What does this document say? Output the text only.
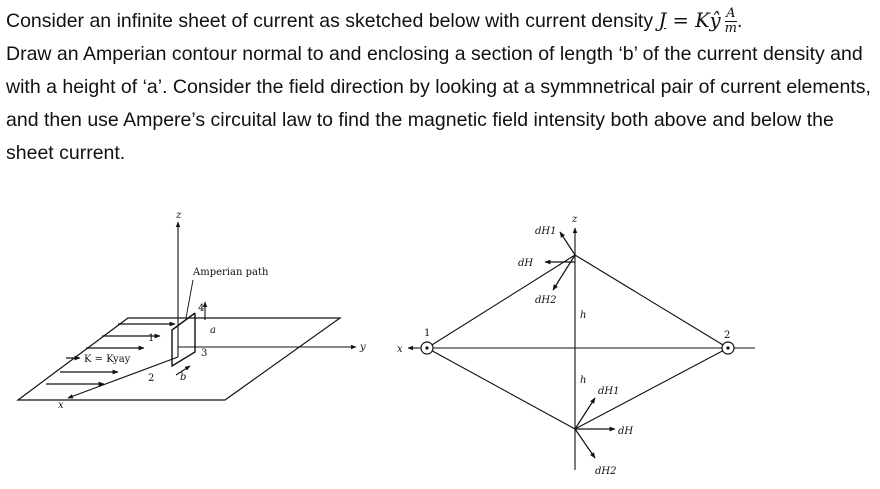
Consider an infinite sheet of current as sketched below with current density J = Kŷ $\frac{A}{m}$ .

Draw an Amperian contour normal to and enclosing a section of length ‘b’ of the current density and with a height of ‘a’. Consider the field direction by looking at a symmnetrical pair of current elements, and then use Ampere’s circuital law to find the magnetic field intensity both above and below the sheet current.

z
y
x
K = Kyay
Amperian path
1
2
3
4
a
b
x
z
1	2
dH1
dH
dH2
h
h
dH1
dH
dH2
